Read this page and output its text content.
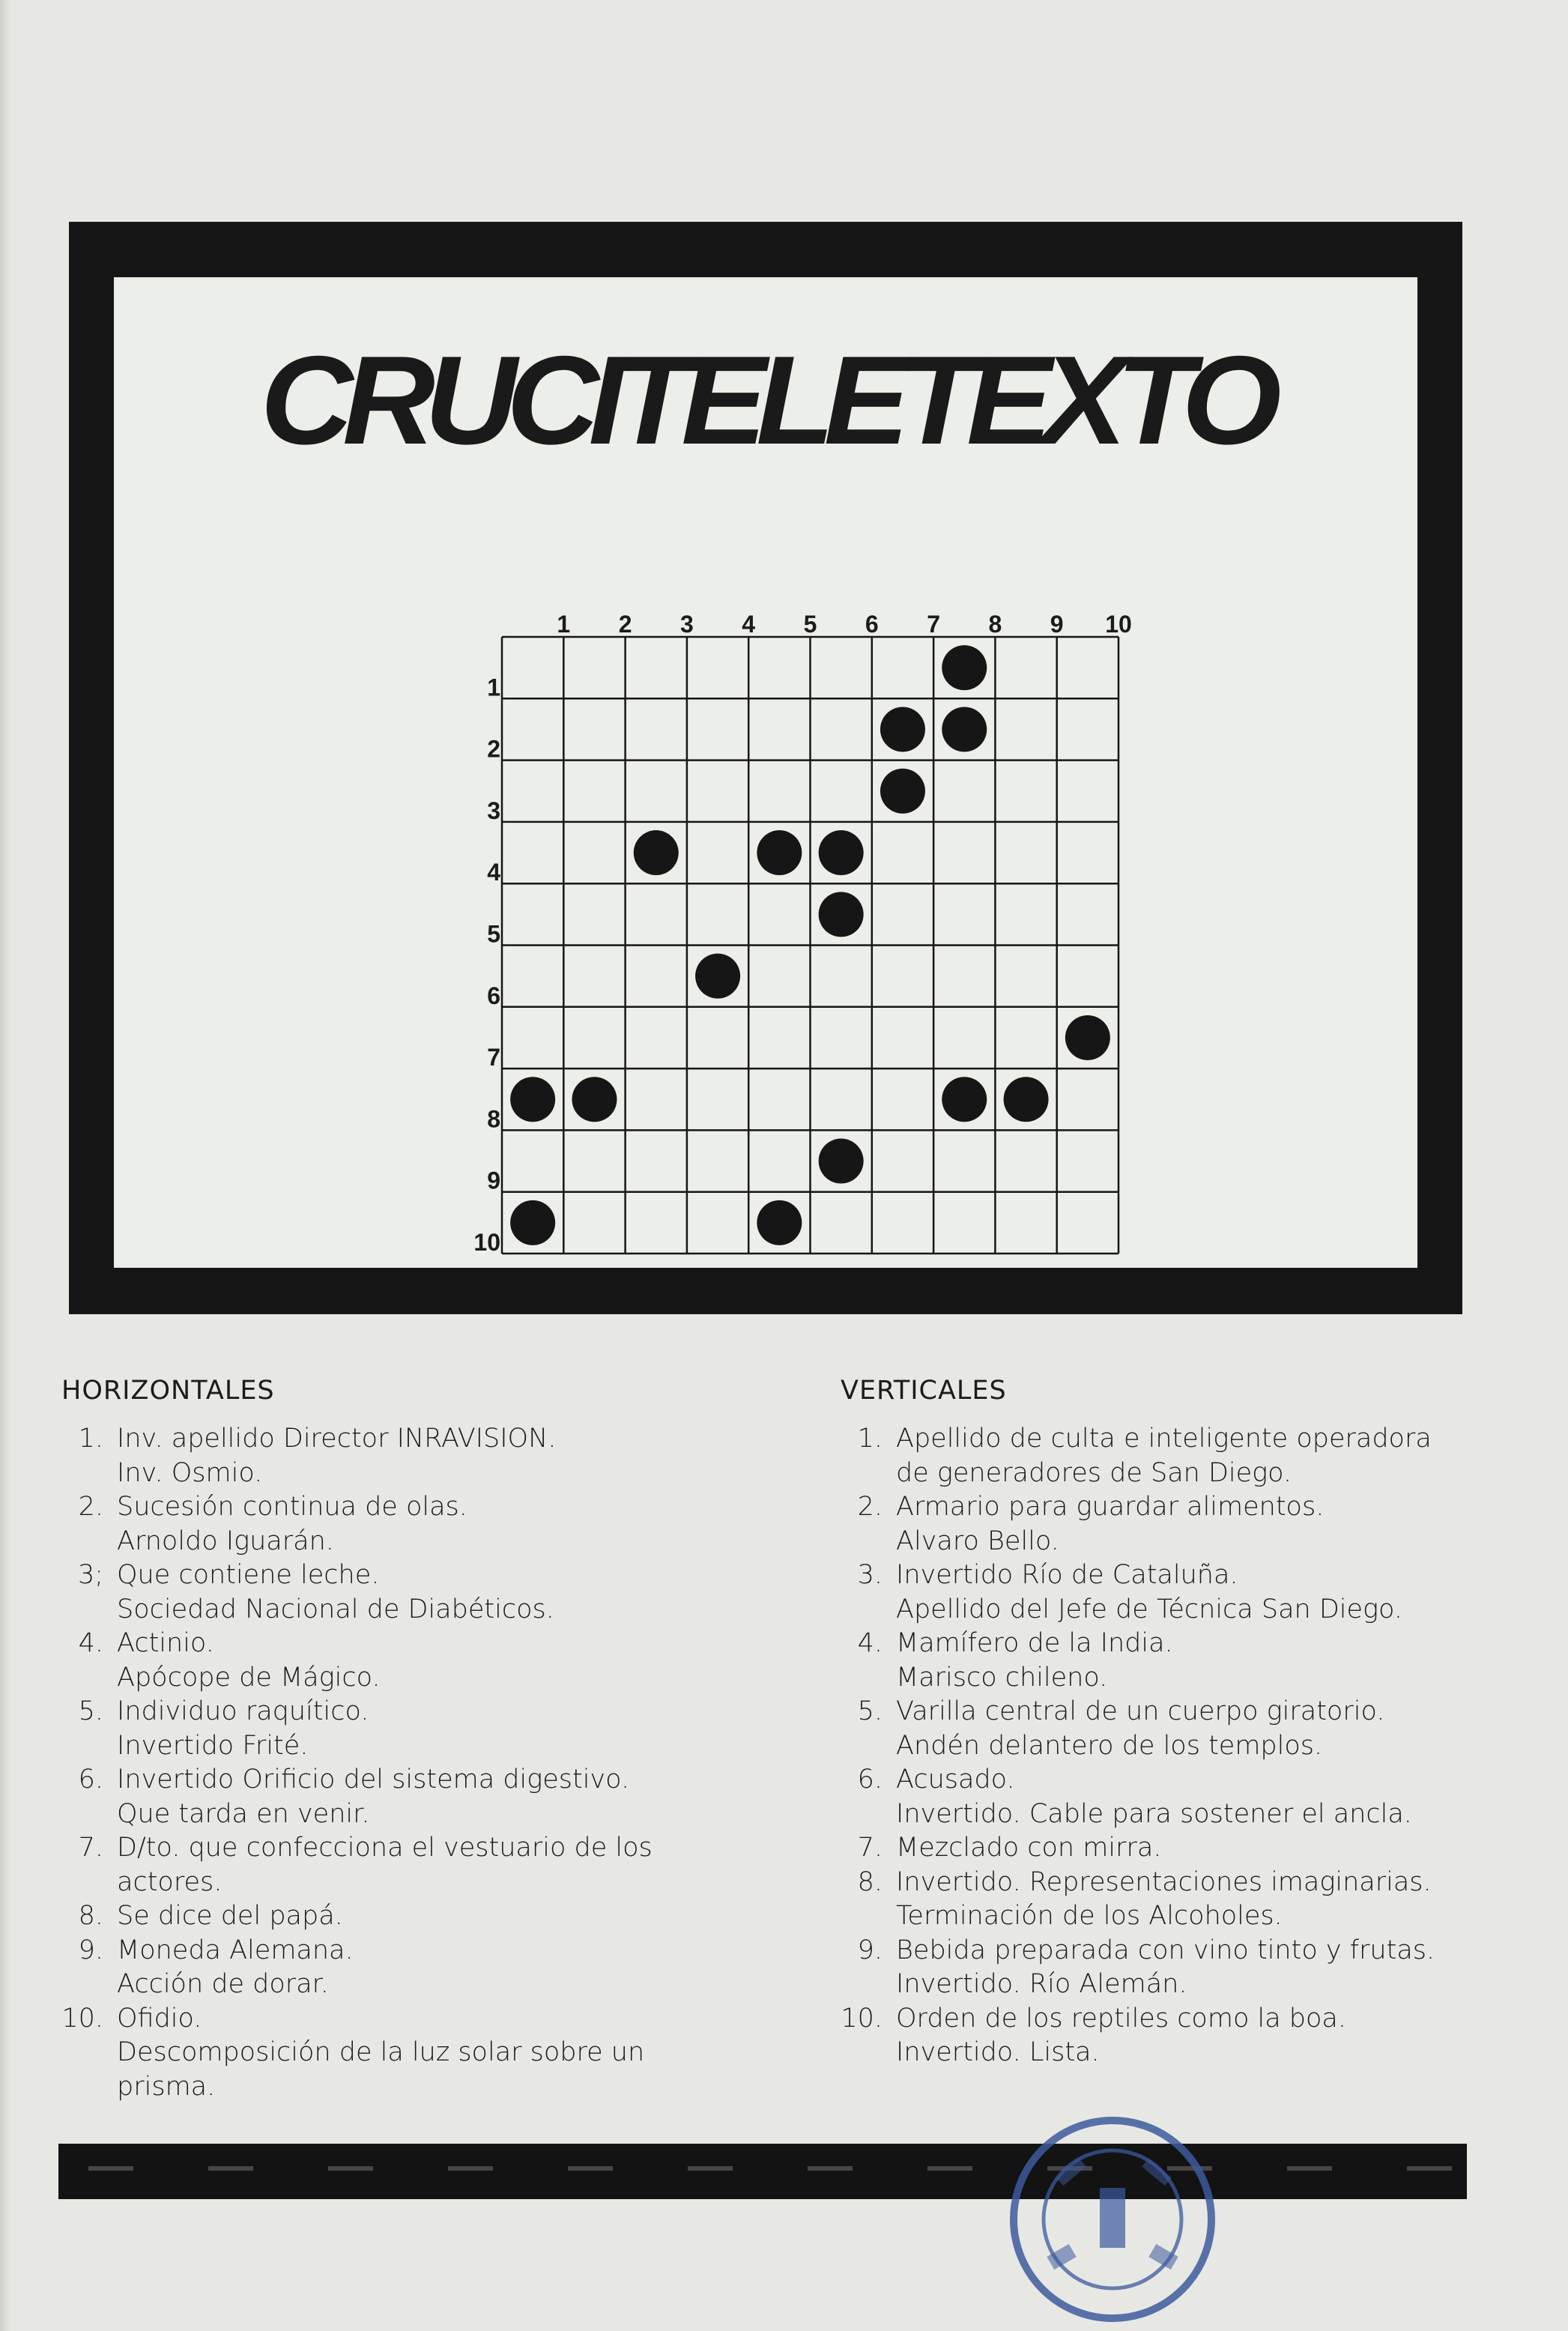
CRUCITELETEXTO
1 2 3 4 5 6 7 8 9 10
1
2
3
4
5
6
7
8
9
10
HORIZONTALES
1. Inv. apellido Director INRAVISION.
Inv. Osmio.
2. Sucesión continua de olas.
Arnoldo Iguarán.
3; Que contiene leche.
Sociedad Nacional de Diabéticos.
4. Actinio.
Apócope de Mágico.
5. Individuo raquítico.
Invertido Frité.
6. Invertido Orificio del sistema digestivo.
Que tarda en venir.
7. D/to. que confecciona el vestuario de los
actores.
8. Se dice del papá.
9. Moneda Alemana.
Acción de dorar.
10. Ofidio.
Descomposición de la luz solar sobre un
prisma.
VERTICALES
1. Apellido de culta e inteligente operadora
de generadores de San Diego.
2. Armario para guardar alimentos.
Alvaro Bello.
3. Invertido Río de Cataluña.
Apellido del Jefe de Técnica San Diego.
4. Mamífero de la India.
Marisco chileno.
5. Varilla central de un cuerpo giratorio.
Andén delantero de los templos.
6. Acusado.
Invertido. Cable para sostener el ancla.
7. Mezclado con mirra.
8. Invertido. Representaciones imaginarias.
Terminación de los Alcoholes.
9. Bebida preparada con vino tinto y frutas.
Invertido. Río Alemán.
10. Orden de los reptiles como la boa.
Invertido. Lista.
